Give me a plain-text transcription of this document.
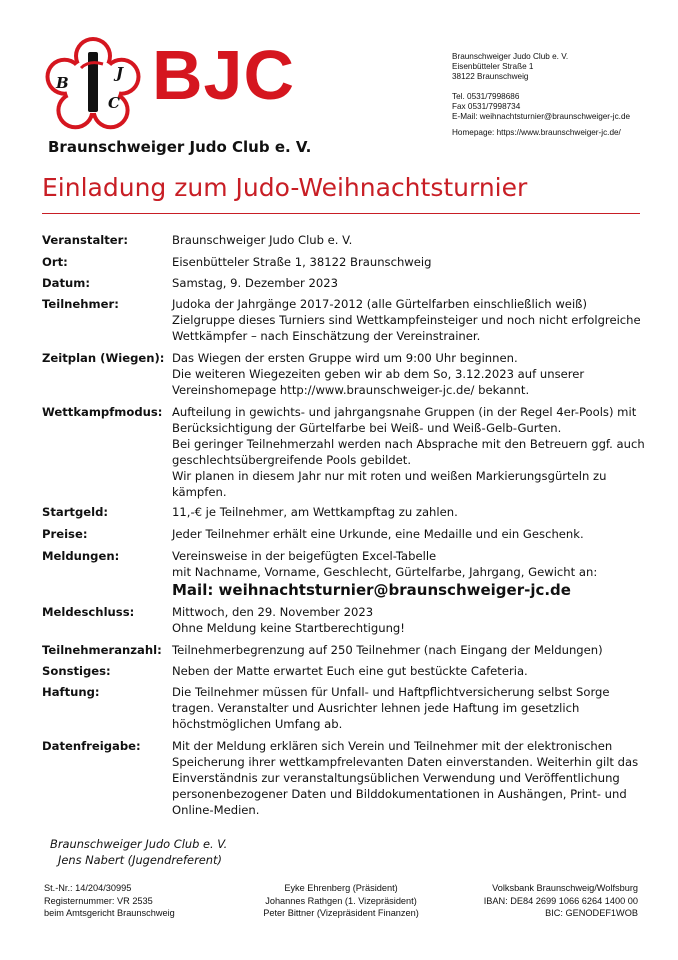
B
J
C BJC
Braunschweiger Judo Club e. V.
Braunschweiger Judo Club e. V.
Eisenbütteler Straße 1
38122 Braunschweig
Tel. 0531/7998686
Fax 0531/7998734
E-Mail: weihnachtsturnier@braunschweiger-jc.de
Homepage: https://www.braunschweiger-jc.de/
Einladung zum Judo-Weihnachtsturnier
Veranstalter:	Braunschweiger Judo Club e. V.
Ort:	Eisenbütteler Straße 1, 38122 Braunschweig
Datum:	Samstag, 9. Dezember 2023
Teilnehmer:	Judoka der Jahrgänge 2017-2012 (alle Gürtelfarben einschließlich weiß)
Zielgruppe dieses Turniers sind Wettkampfeinsteiger und noch nicht erfolgreiche
Wettkämpfer – nach Einschätzung der Vereinstrainer.
Zeitplan (Wiegen): Das Wiegen der ersten Gruppe wird um 9:00 Uhr beginnen.
Die weiteren Wiegezeiten geben wir ab dem So, 3.12.2023 auf unserer
Vereinshomepage http://www.braunschweiger-jc.de/ bekannt.
Wettkampfmodus: Aufteilung in gewichts- und jahrgangsnahe Gruppen (in der Regel 4er-Pools) mit
Berücksichtigung der Gürtelfarbe bei Weiß- und Weiß-Gelb-Gurten.
Bei geringer Teilnehmerzahl werden nach Absprache mit den Betreuern ggf. auch
geschlechtsübergreifende Pools gebildet.
Wir planen in diesem Jahr nur mit roten und weißen Markierungsgürteln zu
kämpfen.
Startgeld:	11,-€ je Teilnehmer, am Wettkampftag zu zahlen.
Preise:	Jeder Teilnehmer erhält eine Urkunde, eine Medaille und ein Geschenk.
Meldungen:	Vereinsweise in der beigefügten Excel-Tabelle
mit Nachname, Vorname, Geschlecht, Gürtelfarbe, Jahrgang, Gewicht an:
Mail: weihnachtsturnier@braunschweiger-jc.de
Meldeschluss:	Mittwoch, den 29. November 2023
Ohne Meldung keine Startberechtigung!
Teilnehmeranzahl: Teilnehmerbegrenzung auf 250 Teilnehmer (nach Eingang der Meldungen)
Sonstiges:	Neben der Matte erwartet Euch eine gut bestückte Cafeteria.
Haftung:	Die Teilnehmer müssen für Unfall- und Haftpflichtversicherung selbst Sorge
tragen. Veranstalter und Ausrichter lehnen jede Haftung im gesetzlich
höchstmöglichen Umfang ab.
Datenfreigabe:	Mit der Meldung erklären sich Verein und Teilnehmer mit der elektronischen
Speicherung ihrer wettkampfrelevanten Daten einverstanden. Weiterhin gilt das
Einverständnis zur veranstaltungsüblichen Verwendung und Veröffentlichung
personenbezogener Daten und Bilddokumentationen in Aushängen, Print- und
Online-Medien.
Braunschweiger Judo Club e. V.
Jens Nabert (Jugendreferent)
St.-Nr.: 14/204/30995
Registernummer: VR 2535
beim Amtsgericht Braunschweig
Eyke Ehrenberg (Präsident)
Johannes Rathgen (1. Vizepräsident)
Peter Bittner (Vizepräsident Finanzen)
Volksbank Braunschweig/Wolfsburg
IBAN: DE84 2699 1066 6264 1400 00
BIC: GENODEF1WOB
